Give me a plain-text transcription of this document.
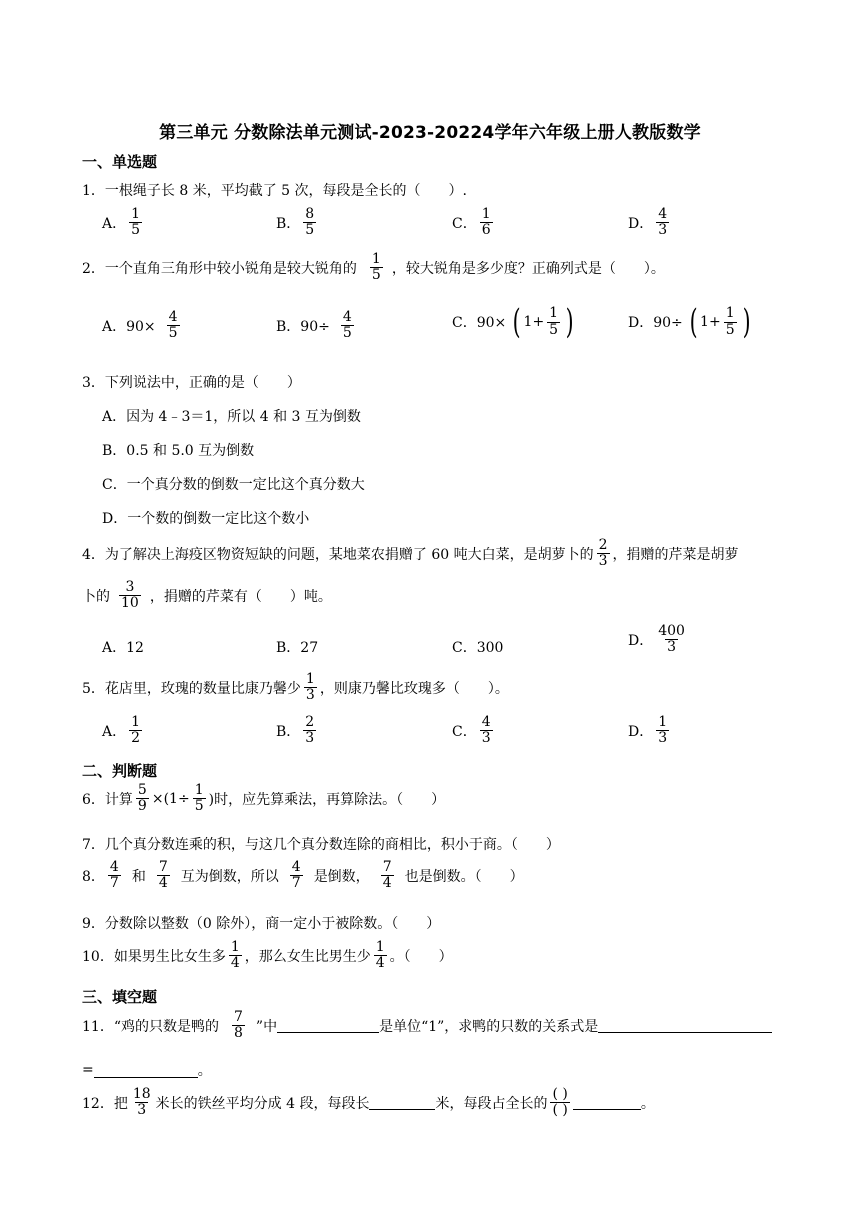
第三单元 分数除法单元测试-2023-20224学年六年级上册人教版数学
一、单选题
1．一根绳子长 8 米，平均截了 5 次，每段是全长的（　　）.
A． $\frac{1}{5}$	B． $\frac{8}{5}$	C． $\frac{1}{6}$	D． $\frac{4}{3}$
2．一个直角三角形中较小锐角是较大锐角的 $\frac{1}{5}$ ，较大锐角是多少度？正确列式是（　　）。
A．$90\times \frac{4}{5}$	B．$90\div \frac{4}{5}$	C．90× ( $1+ \frac{1}{5}$ )	D．90÷ ( $1+ \frac{1}{5}$ )
3．下列说法中，正确的是（　　）
A．因为 4﹣3＝1，所以 4 和 3 互为倒数
B．0.5 和 5.0 互为倒数
C．一个真分数的倒数一定比这个真分数大
D．一个数的倒数一定比这个数小
4．为了解决上海疫区物资短缺的问题，某地菜农捐赠了 60 吨大白菜，是胡萝卜的 $\frac{2}{3}$ ，捐赠的芹菜是胡萝
卜的 $\frac{3}{10}$ ，捐赠的芹菜有（　　）吨。
A．12	B．27	C．300	D． $\frac{400}{3}$
5．花店里，玫瑰的数量比康乃馨少 $\frac{1}{3}$ ，则康乃馨比玫瑰多（　　）。
A． $\frac{1}{2}$	B． $\frac{2}{3}$	C． $\frac{4}{3}$	D． $\frac{1}{3}$
二、判断题
6．计算 $\frac{5}{9} \times(1\div \frac{1}{5}$ )时，应先算乘法，再算除法。（　　）
7．几个真分数连乘的积，与这几个真分数连除的商相比，积小于商。（　　）
8． $\frac{4}{7}$ 和 $\frac{7}{4}$ 互为倒数，所以 $\frac{4}{7}$ 是倒数， $\frac{7}{4}$ 也是倒数。（　　）
9．分数除以整数（0 除外），商一定小于被除数。（　　）
10．如果男生比女生多 $\frac{1}{4}$ ，那么女生比男生少 $\frac{1}{4}$ 。（　　）
三、填空题
11．“鸡的只数是鸭的 $\frac{7}{8}$ ”中	是单位“1”，求鸭的只数的关系式是
=	。
12．把 $\frac{18}{3}$ 米长的铁丝平均分成 4 段，每段长	米，每段占全长的 $\frac{( )}{( )}$	。
